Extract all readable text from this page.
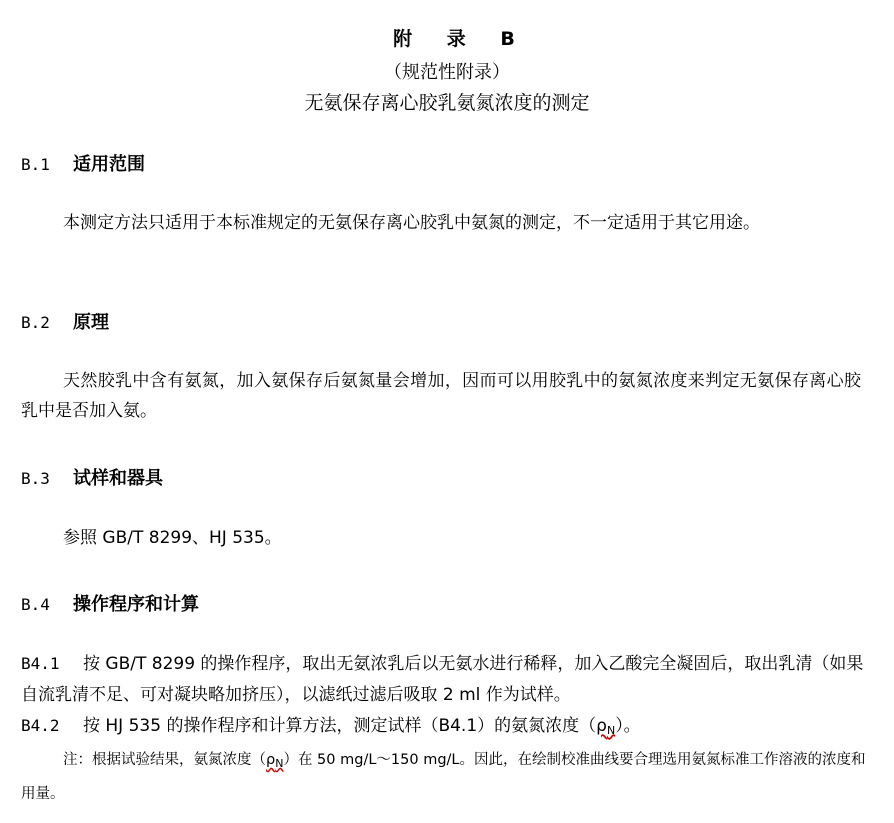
附 录 B
（规范性附录）
无氨保存离心胶乳氨氮浓度的测定
B.1 适用范围
本测定方法只适用于本标准规定的无氨保存离心胶乳中氨氮的测定，不一定适用于其它用途。
B.2 原理
天然胶乳中含有氨氮，加入氨保存后氨氮量会增加，因而可以用胶乳中的氨氮浓度来判定无氨保存离心胶乳中是否加入氨。
B.3 试样和器具
参照 GB/T 8299、HJ 535。
B.4 操作程序和计算
B4.1 按 GB/T 8299 的操作程序，取出无氨浓乳后以无氨水进行稀释，加入乙酸完全凝固后，取出乳清（如果自流乳清不足、可对凝块略加挤压），以滤纸过滤后吸取 2 ml 作为试样。
B4.2 按 HJ 535 的操作程序和计算方法，测定试样（B4.1）的氨氮浓度$(\rho_N)$。
注：根据试验结果，氨氮浓度$(\rho_N)$在 50 mg/L～150 mg/L。因此，在绘制校准曲线要合理选用氨氮标准工作溶液的浓度和用量。
